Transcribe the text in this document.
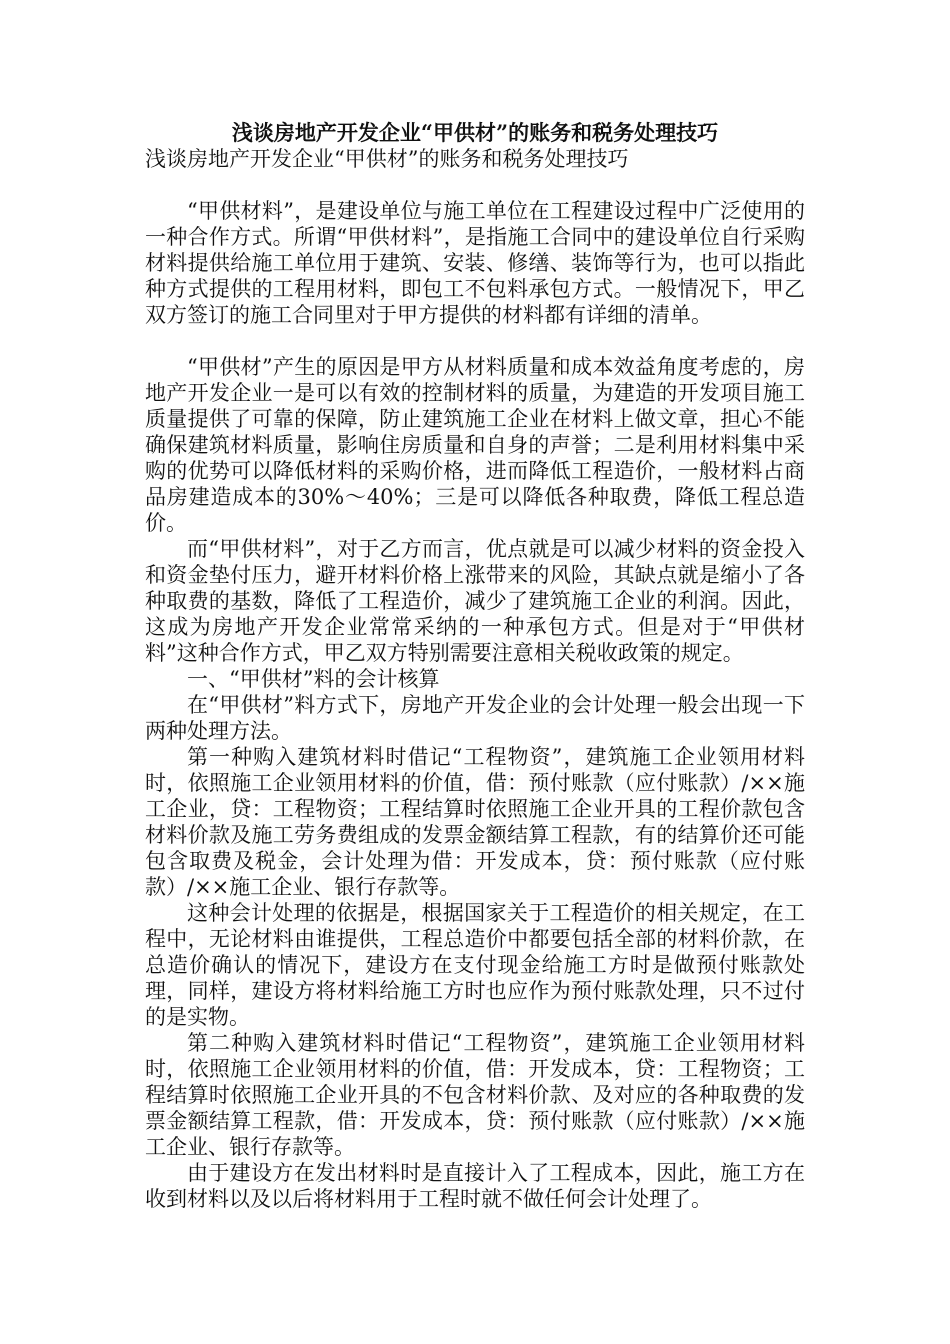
浅谈房地产开发企业“甲供材”的账务和税务处理技巧

浅谈房地产开发企业“甲供材”的账务和税务处理技巧

“甲供材料”，是建设单位与施工单位在工程建设过程中广泛使用的一种合作方式。所谓“甲供材料”，是指施工合同中的建设单位自行采购材料提供给施工单位用于建筑、安装、修缮、装饰等行为，也可以指此种方式提供的工程用材料，即包工不包料承包方式。一般情况下，甲乙双方签订的施工合同里对于甲方提供的材料都有详细的清单。

“甲供材”产生的原因是甲方从材料质量和成本效益角度考虑的，房地产开发企业一是可以有效的控制材料的质量，为建造的开发项目施工质量提供了可靠的保障，防止建筑施工企业在材料上做文章，担心不能确保建筑材料质量，影响住房质量和自身的声誉；二是利用材料集中采购的优势可以降低材料的采购价格，进而降低工程造价，一般材料占商品房建造成本的30%～40%；三是可以降低各种取费，降低工程总造价。

而“甲供材料”，对于乙方而言，优点就是可以减少材料的资金投入和资金垫付压力，避开材料价格上涨带来的风险，其缺点就是缩小了各种取费的基数，降低了工程造价，减少了建筑施工企业的利润。因此，这成为房地产开发企业常常采纳的一种承包方式。但是对于“甲供材料”这种合作方式，甲乙双方特别需要注意相关税收政策的规定。

一、“甲供材”料的会计核算

在“甲供材”料方式下，房地产开发企业的会计处理一般会出现一下两种处理方法。

第一种购入建筑材料时借记“工程物资”，建筑施工企业领用材料时，依照施工企业领用材料的价值，借：预付账款（应付账款）/××施工企业，贷：工程物资；工程结算时依照施工企业开具的工程价款包含材料价款及施工劳务费组成的发票金额结算工程款，有的结算价还可能包含取费及税金，会计处理为借：开发成本，贷：预付账款（应付账款）/××施工企业、银行存款等。

这种会计处理的依据是，根据国家关于工程造价的相关规定，在工程中，无论材料由谁提供，工程总造价中都要包括全部的材料价款，在总造价确认的情况下，建设方在支付现金给施工方时是做预付账款处理，同样，建设方将材料给施工方时也应作为预付账款处理，只不过付的是实物。

第二种购入建筑材料时借记“工程物资”，建筑施工企业领用材料时，依照施工企业领用材料的价值，借：开发成本，贷：工程物资；工程结算时依照施工企业开具的不包含材料价款、及对应的各种取费的发票金额结算工程款，借：开发成本，贷：预付账款（应付账款）/××施工企业、银行存款等。

由于建设方在发出材料时是直接计入了工程成本，因此，施工方在收到材料以及以后将材料用于工程时就不做任何会计处理了。
